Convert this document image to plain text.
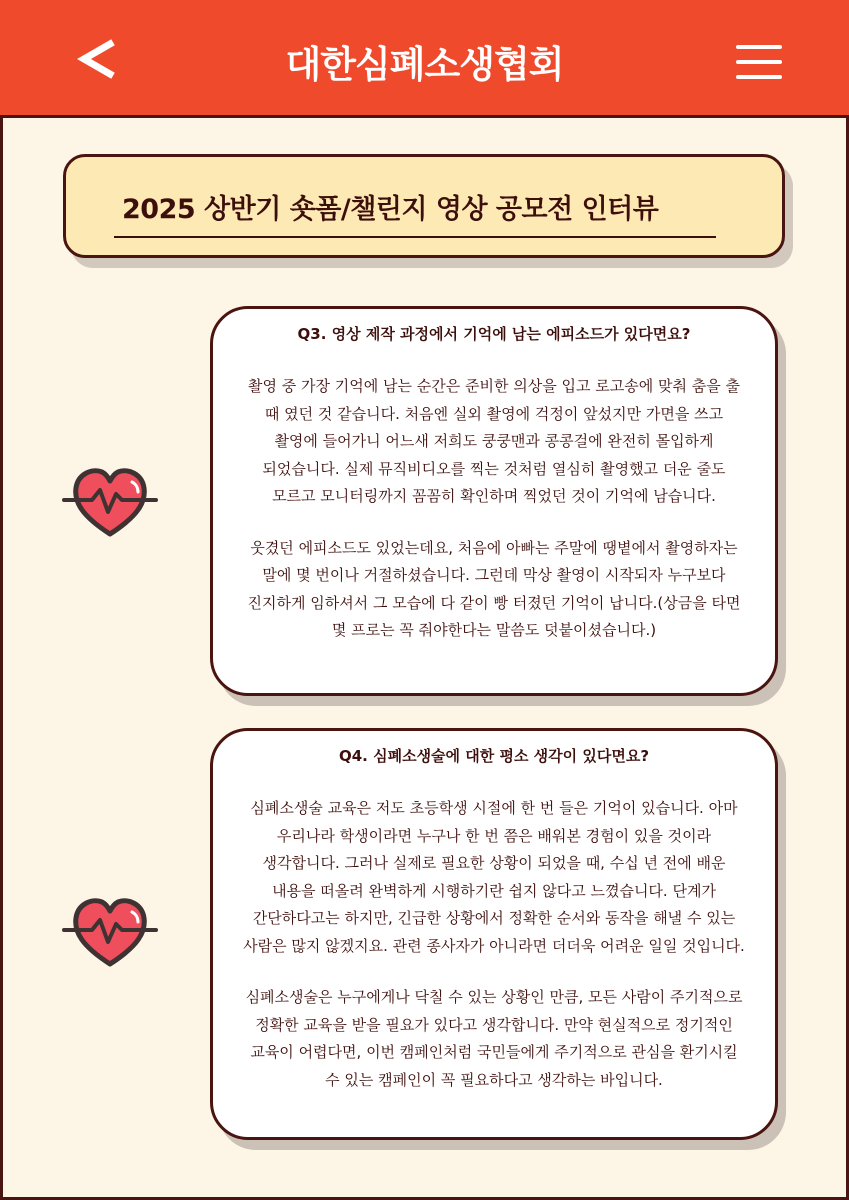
대한심폐소생협회
2025 상반기 숏폼/챌린지 영상 공모전 인터뷰

Q3. 영상 제작 과정에서 기억에 남는 에피소드가 있다면요?

촬영 중 가장 기억에 남는 순간은 준비한 의상을 입고 로고송에 맞춰 춤을 출 때 였던 것 같습니다. 처음엔 실외 촬영에 걱정이 앞섰지만 가면을 쓰고 촬영에 들어가니 어느새 저희도 쿵쿵맨과 콩콩걸에 완전히 몰입하게 되었습니다. 실제 뮤직비디오를 찍는 것처럼 열심히 촬영했고 더운 줄도 모르고 모니터링까지 꼼꼼히 확인하며 찍었던 것이 기억에 남습니다.

웃겼던 에피소드도 있었는데요, 처음에 아빠는 주말에 땡볕에서 촬영하자는 말에 몇 번이나 거절하셨습니다. 그런데 막상 촬영이 시작되자 누구보다 진지하게 임하셔서 그 모습에 다 같이 빵 터졌던 기억이 납니다.(상금을 타면 몇 프로는 꼭 줘야한다는 말씀도 덧붙이셨습니다.)

Q4. 심폐소생술에 대한 평소 생각이 있다면요?

심폐소생술 교육은 저도 초등학생 시절에 한 번 들은 기억이 있습니다. 아마 우리나라 학생이라면 누구나 한 번 쯤은 배워본 경험이 있을 것이라 생각합니다. 그러나 실제로 필요한 상황이 되었을 때, 수십 년 전에 배운 내용을 떠올려 완벽하게 시행하기란 쉽지 않다고 느꼈습니다. 단계가 간단하다고는 하지만, 긴급한 상황에서 정확한 순서와 동작을 해낼 수 있는 사람은 많지 않겠지요. 관련 종사자가 아니라면 더더욱 어려운 일일 것입니다.

심폐소생술은 누구에게나 닥칠 수 있는 상황인 만큼, 모든 사람이 주기적으로 정확한 교육을 받을 필요가 있다고 생각합니다. 만약 현실적으로 정기적인 교육이 어렵다면, 이번 캠페인처럼 국민들에게 주기적으로 관심을 환기시킬 수 있는 캠페인이 꼭 필요하다고 생각하는 바입니다.
